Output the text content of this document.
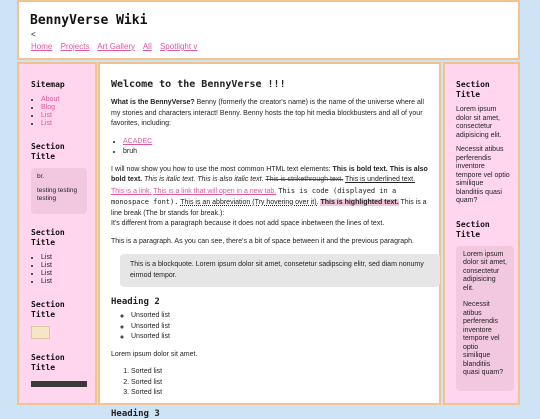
BennyVerse Wiki
<
Home Projects Art Gallery All Spotlight v
Sitemap
• About
• Blog
• List
• List
Section Title

br.

testing testing testing

Section Title
• List
• List
• List
• List
Section Title
Section Title
Welcome to the BennyVerse !!!

What is the BennyVerse? Benny (formerly the creator's name) is the name of the universe where all my stories and characters interact! Benny. Benny hosts the top hit media blockbusters and all of your favorites, including:

• ACADEC
• bruh

I will now show you how to use the most common HTML text elements: This is bold text. This is also bold text. This is italic text. This is also italic text. This is strikethrough text. This is underlined text. This is a link. This is a link that will open in a new tab. This is code (displayed in a monospace font). This is an abbreviation (Try hovering over it). This is highlighted text. This is a line break (The br stands for break.):
It's different from a paragraph because it does not add space inbetween the lines of text.

This is a paragraph. As you can see, there's a bit of space between it and the previous paragraph.

This is a blockquote. Lorem ipsum dolor sit amet, consetetur sadipscing elitr, sed diam nonumy eirmod tempor.
Heading 2
◦ Unsorted list
◦ Unsorted list
◦ Unsorted list

Lorem ipsum dolor sit amet.

1. Sorted list
2. Sorted list
3. Sorted list
Heading 3
Section Title

Lorem ipsum dolor sit amet, consectetur adipisicing elit.

Necessit atibus perferendis inventore tempore vel optio similique blanditiis quasi quam?

Section Title

Lorem ipsum dolor sit amet, consectetur adipisicing elit.

Necessit atibus perferendis inventore tempore vel optio similique blanditiis quasi quam?
